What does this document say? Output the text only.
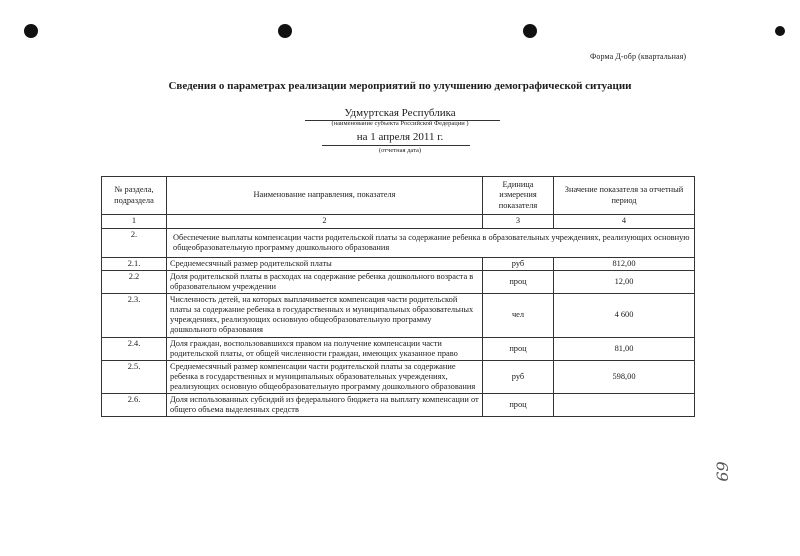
Форма Д-обр (квартальная)
Сведения о параметрах реализации мероприятий по улучшению демографической ситуации
Удмуртская Республика
(наименование субъекта Российской Федерации )
на 1 апреля 2011 г.
(отчетная дата)
№ раздела, подраздела	Наименование направления, показателя	Единица измерения показателя	Значение показателя за отчетный период
1	2	3	4
2.	Обеспечение выплаты компенсации части родительской платы за содержание ребенка в образовательных учреждениях, реализующих основную общеобразовательную программу дошкольного образования		
2.1.	Среднемесячный размер родительской платы	руб	812,00
2.2	Доля родительской платы в расходах на содержание ребенка дошкольного возраста в образовательном учреждении	проц	12,00
2.3.	Численность детей, на которых выплачивается компенсация части родительской платы за содержание ребенка в государственных и муниципальных образовательных учреждениях, реализующих основную общеобразовательную программу дошкольного образования	чел	4 600
2.4.	Доля граждан, воспользовавшихся правом на получение компенсации части родительской платы, от общей численности граждан, имеющих указанное право	проц	81,00
2.5.	Среднемесячный размер компенсации части родительской платы за содержание ребенка в государственных и муниципальных образовательных учреждениях, реализующих основную общеобразовательную программу дошкольного образования	руб	598,00
2.6.	Доля использованных субсидий из федерального бюджета на выплату компенсации от общего объема выделенных средств	проц	
69
